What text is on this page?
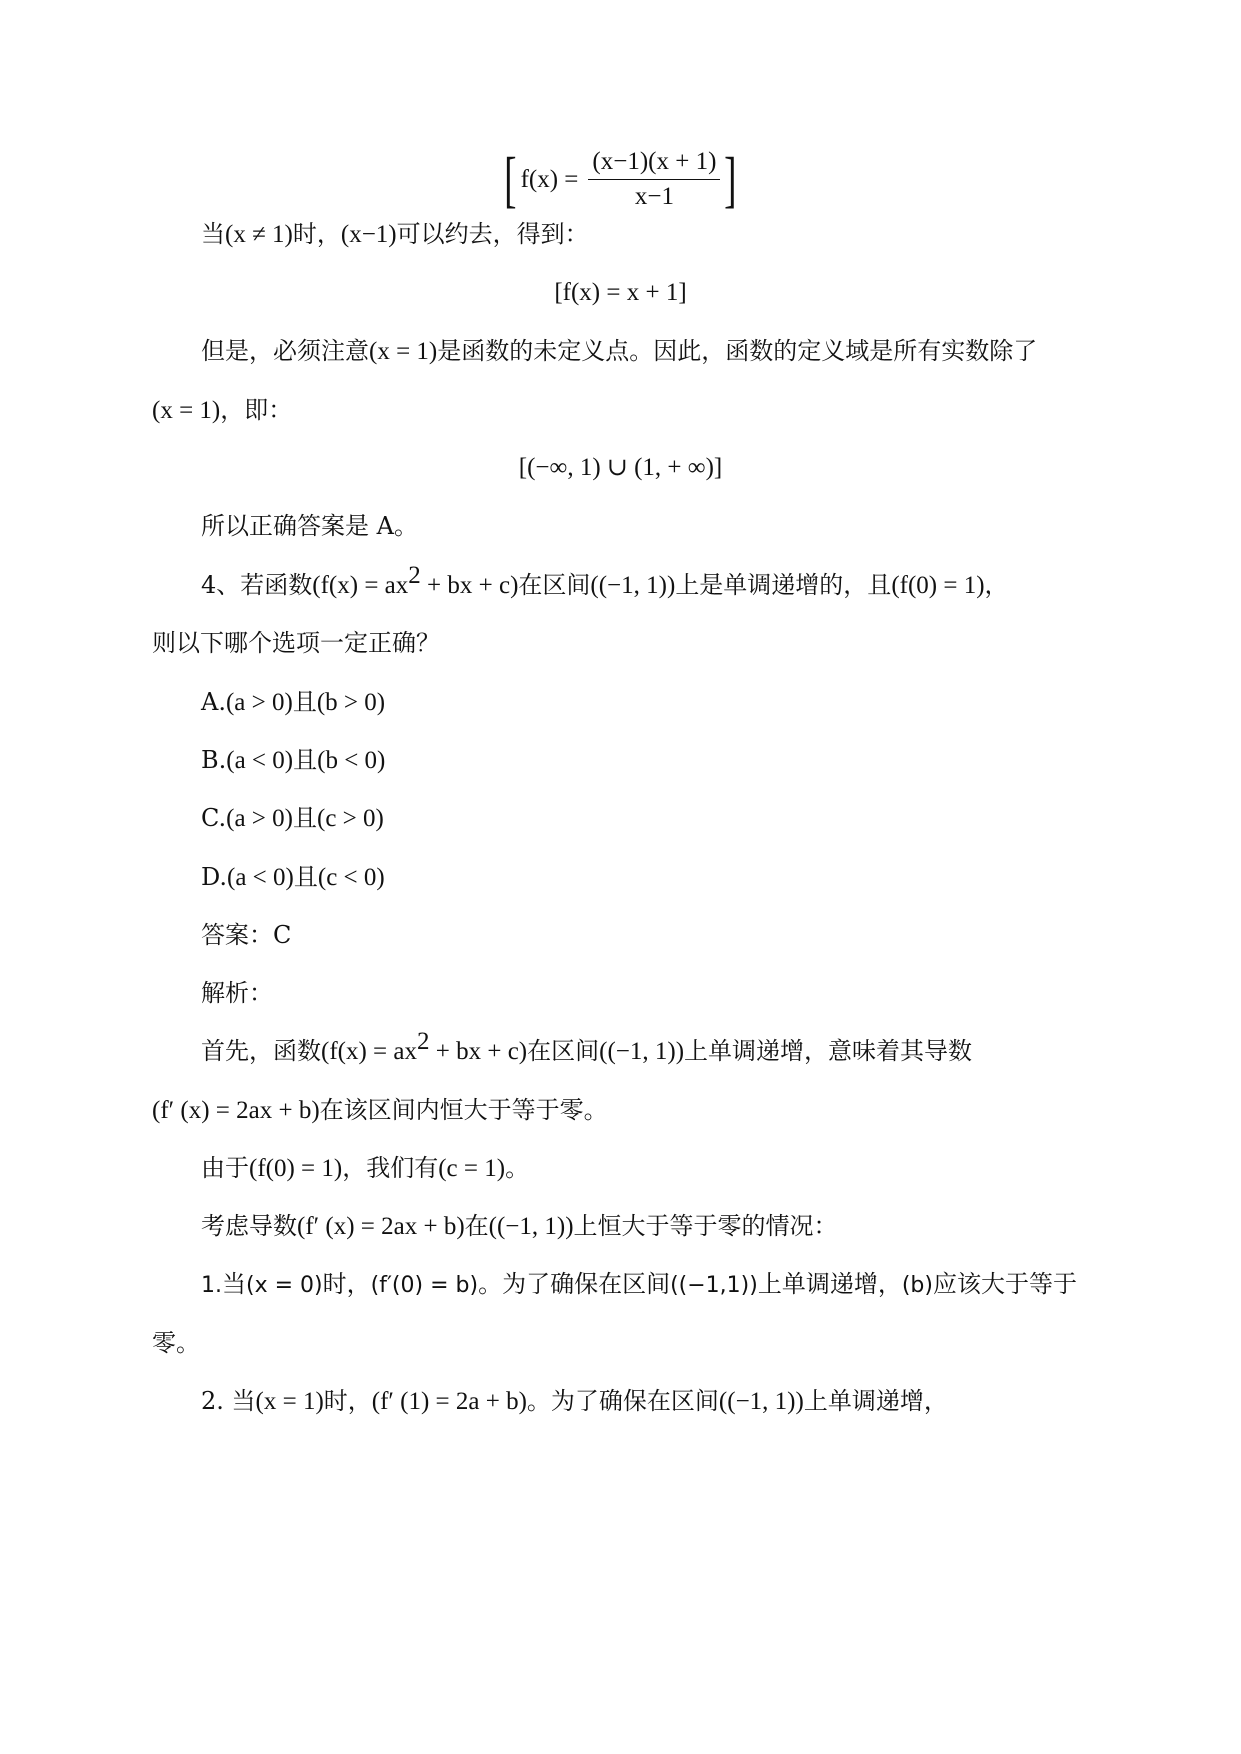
[ $f(x) = \frac{(x-1)(x + 1)}{x-1}$ ]
当(x ≠ 1)时，(x−1)可以约去，得到：
[f(x) = x + 1]
但是，必须注意(x = 1)是函数的未定义点。因此，函数的定义域是所有实数除了
(x = 1)，即：
[(−∞, 1) ∪ (1, + ∞)]
所以正确答案是 A。
4、若函数($f(x) = ax^2$ + bx + c)在区间((−1, 1))上是单调递增的，且(f(0) = 1)，
则以下哪个选项一定正确？
A.(a > 0)且(b > 0)
B.(a < 0)且(b < 0)
C.(a > 0)且(c > 0)
D.(a < 0)且(c < 0)
答案：C
解析：
首先，函数($f(x) = ax^2$ + bx + c)在区间((−1, 1))上单调递增，意味着其导数
(f′ (x) = 2ax + b)在该区间内恒大于等于零。
由于(f(0) = 1)，我们有(c = 1)。
考虑导数(f′ (x) = 2ax + b)在((−1, 1))上恒大于等于零的情况：
1.当(x = 0)时，(f′(0) = b)。为了确保在区间((−1,1))上单调递增，(b)应该大于等于
零。
2. 当(x = 1)时，(f′ (1) = 2a + b)。为了确保在区间((−1, 1))上单调递增，
